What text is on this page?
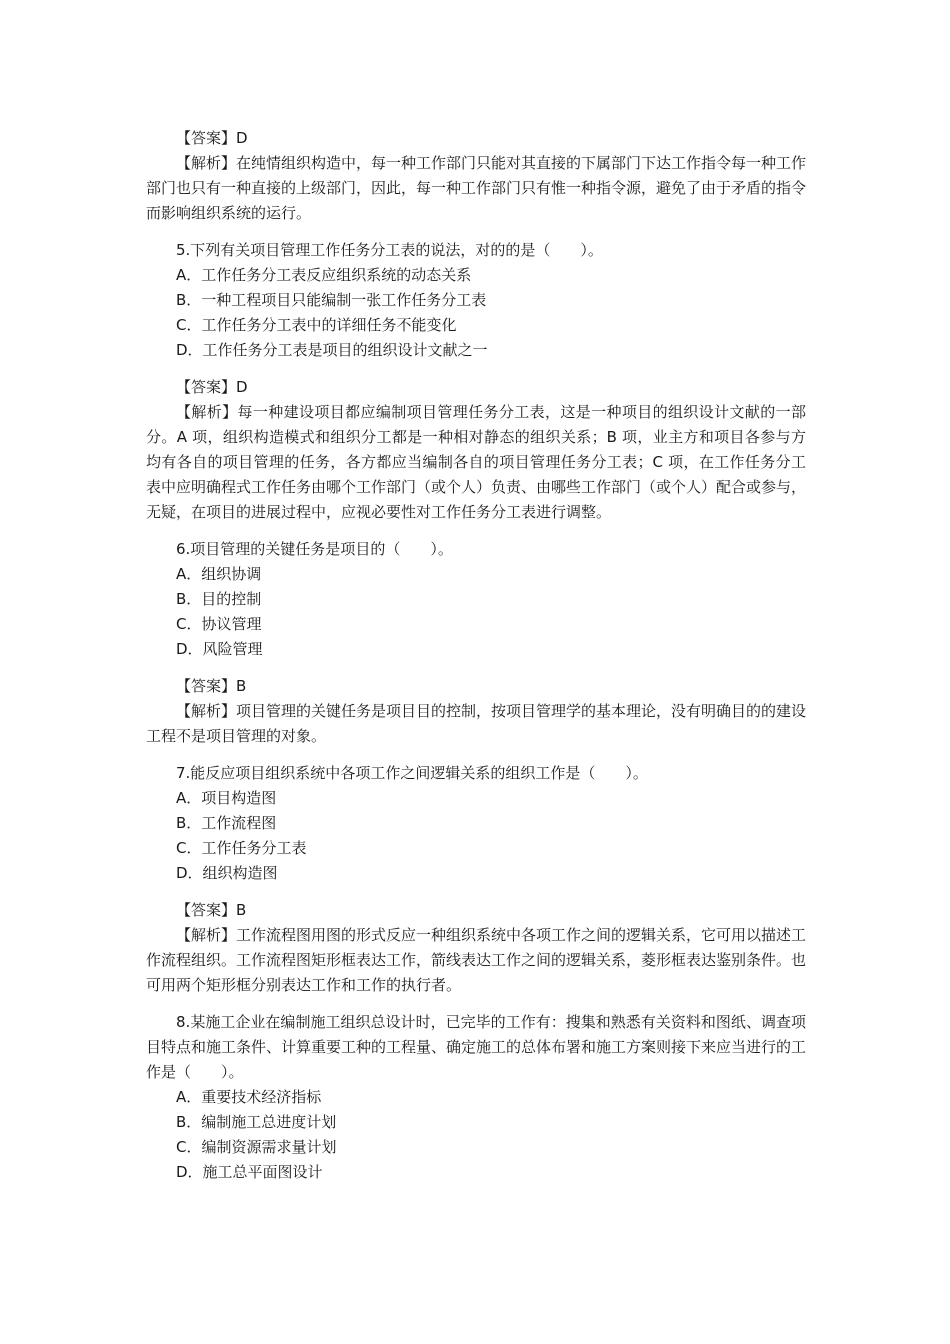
【答案】D

【解析】在纯情组织构造中，每一种工作部门只能对其直接的下属部门下达工作指令每一种工作部门也只有一种直接的上级部门，因此，每一种工作部门只有惟一种指令源，避免了由于矛盾的指令而影响组织系统的运行。

5.下列有关项目管理工作任务分工表的说法，对的的是（　　）。

A．工作任务分工表反应组织系统的动态关系
B．一种工程项目只能编制一张工作任务分工表
C．工作任务分工表中的详细任务不能变化
D．工作任务分工表是项目的组织设计文献之一
【答案】D

【解析】每一种建设项目都应编制项目管理任务分工表，这是一种项目的组织设计文献的一部分。A 项，组织构造模式和组织分工都是一种相对静态的组织关系；B 项，业主方和项目各参与方均有各自的项目管理的任务，各方都应当编制各自的项目管理任务分工表；C 项，在工作任务分工表中应明确程式工作任务由哪个工作部门（或个人）负责、由哪些工作部门（或个人）配合或参与，无疑，在项目的进展过程中，应视必要性对工作任务分工表进行调整。

6.项目管理的关键任务是项目的（　　）。

A．组织协调
B．目的控制
C．协议管理
D．风险管理
【答案】B

【解析】项目管理的关键任务是项目目的控制，按项目管理学的基本理论，没有明确目的的建设工程不是项目管理的对象。

7.能反应项目组织系统中各项工作之间逻辑关系的组织工作是（　　）。

A．项目构造图
B．工作流程图
C．工作任务分工表
D．组织构造图
【答案】B

【解析】工作流程图用图的形式反应一种组织系统中各项工作之间的逻辑关系，它可用以描述工作流程组织。工作流程图矩形框表达工作，箭线表达工作之间的逻辑关系，菱形框表达鉴别条件。也可用两个矩形框分别表达工作和工作的执行者。

8.某施工企业在编制施工组织总设计时，已完毕的工作有：搜集和熟悉有关资料和图纸、调查项目特点和施工条件、计算重要工种的工程量、确定施工的总体布署和施工方案则接下来应当进行的工作是（　　）。

A．重要技术经济指标
B．编制施工总进度计划
C．编制资源需求量计划
D．施工总平面图设计
